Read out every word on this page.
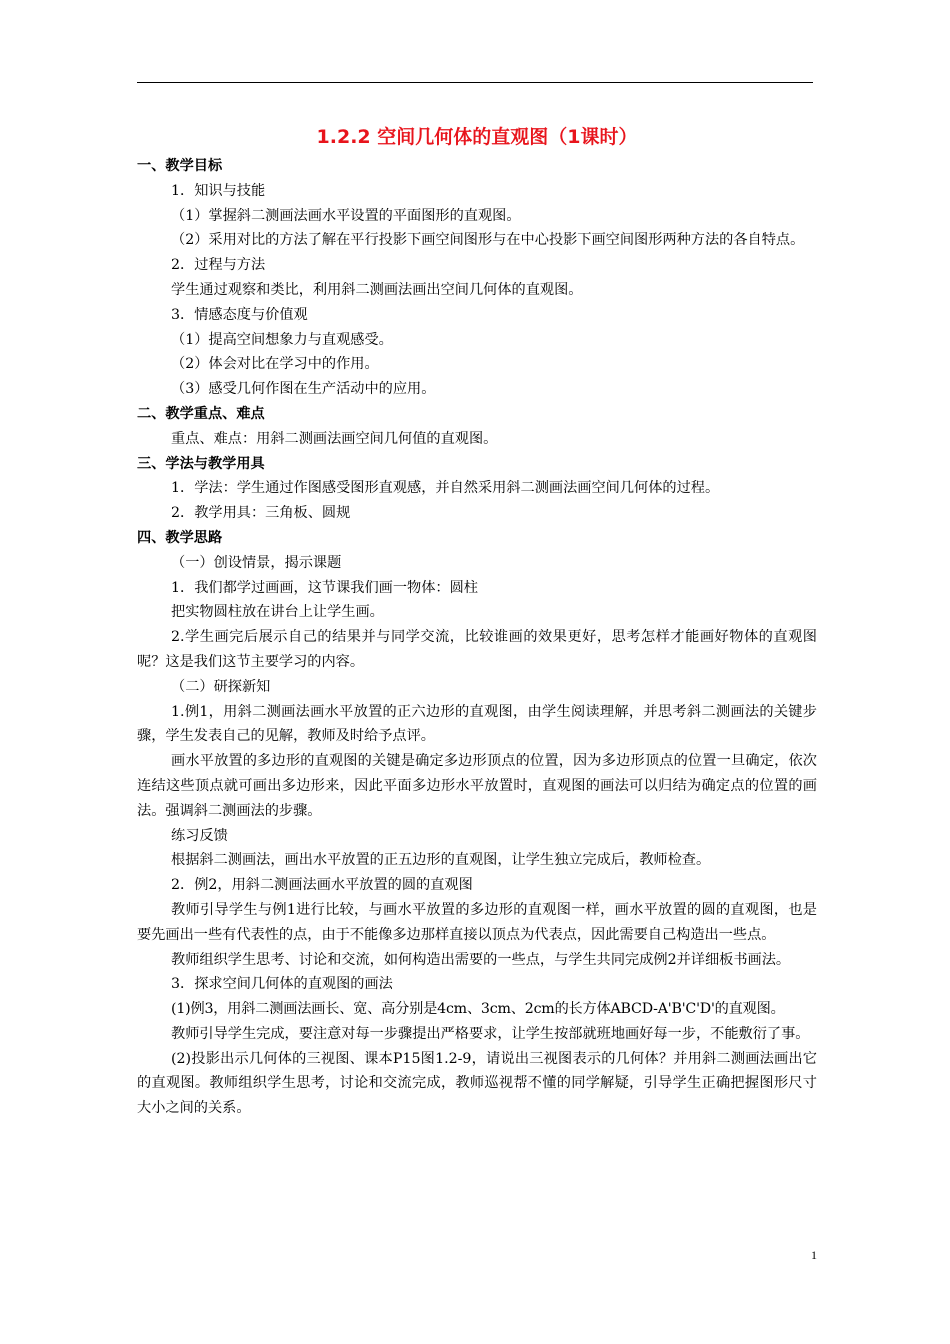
1.2.2 空间几何体的直观图（1课时）
一、教学目标
1．知识与技能
（1）掌握斜二测画法画水平设置的平面图形的直观图。
（2）采用对比的方法了解在平行投影下画空间图形与在中心投影下画空间图形两种方法的各自特点。
2．过程与方法
学生通过观察和类比，利用斜二测画法画出空间几何体的直观图。
3．情感态度与价值观
（1）提高空间想象力与直观感受。
（2）体会对比在学习中的作用。
（3）感受几何作图在生产活动中的应用。
二、教学重点、难点
重点、难点：用斜二测画法画空间几何值的直观图。
三、学法与教学用具
1．学法：学生通过作图感受图形直观感，并自然采用斜二测画法画空间几何体的过程。
2．教学用具：三角板、圆规
四、教学思路
（一）创设情景，揭示课题
1．我们都学过画画，这节课我们画一物体：圆柱
把实物圆柱放在讲台上让学生画。
2.学生画完后展示自己的结果并与同学交流，比较谁画的效果更好，思考怎样才能画好物体的直观图呢？这是我们这节主要学习的内容。
（二）研探新知
1.例1，用斜二测画法画水平放置的正六边形的直观图，由学生阅读理解，并思考斜二测画法的关键步骤，学生发表自己的见解，教师及时给予点评。
画水平放置的多边形的直观图的关键是确定多边形顶点的位置，因为多边形顶点的位置一旦确定，依次连结这些顶点就可画出多边形来，因此平面多边形水平放置时，直观图的画法可以归结为确定点的位置的画法。强调斜二测画法的步骤。
练习反馈
根据斜二测画法，画出水平放置的正五边形的直观图，让学生独立完成后，教师检查。
2．例2，用斜二测画法画水平放置的圆的直观图
教师引导学生与例1进行比较，与画水平放置的多边形的直观图一样，画水平放置的圆的直观图，也是要先画出一些有代表性的点，由于不能像多边那样直接以顶点为代表点，因此需要自己构造出一些点。
教师组织学生思考、讨论和交流，如何构造出需要的一些点，与学生共同完成例2并详细板书画法。
3．探求空间几何体的直观图的画法
(1)例3，用斜二测画法画长、宽、高分别是4cm、3cm、2cm的长方体ABCD-A'B'C'D'的直观图。
教师引导学生完成，要注意对每一步骤提出严格要求，让学生按部就班地画好每一步，不能敷衍了事。
(2)投影出示几何体的三视图、课本P15图1.2-9，请说出三视图表示的几何体？并用斜二测画法画出它的直观图。教师组织学生思考，讨论和交流完成，教师巡视帮不懂的同学解疑，引导学生正确把握图形尺寸大小之间的关系。
1
